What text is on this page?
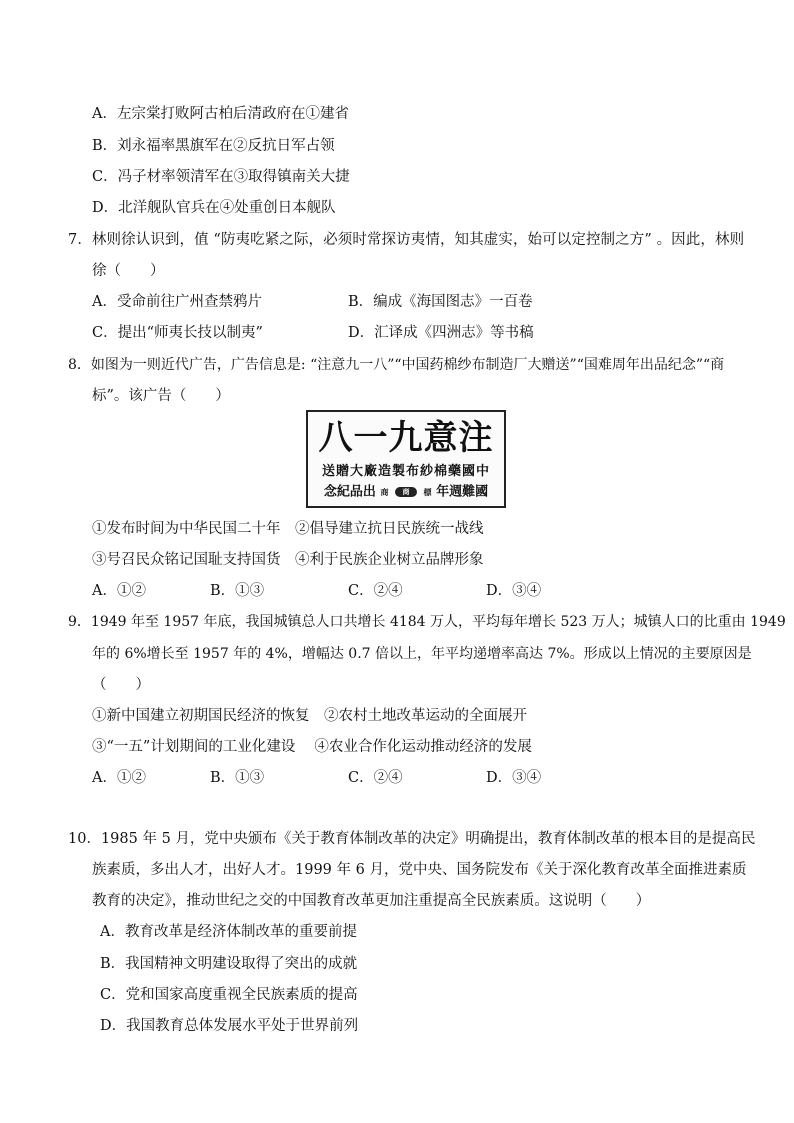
A．左宗棠打败阿古柏后清政府在①建省
B．刘永福率黑旗军在②反抗日军占领
C．冯子材率领清军在③取得镇南关大捷
D．北洋舰队官兵在④处重创日本舰队
7．林则徐认识到，值 “防夷吃紧之际，必须时常探访夷情，知其虚实，始可以定控制之方” 。因此，林则
徐（　　）
A．受命前往广州查禁鸦片	B．编成《海国图志》一百卷
C．提出“师夷长技以制夷”	D．汇译成《四洲志》等书稿
8．如图为一则近代广告，广告信息是: “注意九一八”“中国药棉纱布制造厂大赠送”“国难周年出品纪念”“商
标”。该广告（　　）
八一九意注
送贈大廠造製布紗棉藥國中
念紀品出 商 商 標 年週難國
①发布时间为中华民国二十年　②倡导建立抗日民族统一战线
③号召民众铭记国耻支持国货　④利于民族企业树立品牌形象
A．①②	B．①③	C．②④	D．③④
9．1949 年至 1957 年底，我国城镇总人口共增长 4184 万人，平均每年增长 523 万人；城镇人口的比重由 1949
年的 6%增长至 1957 年的 4%，增幅达 0.7 倍以上，年平均递增率高达 7%。形成以上情况的主要原因是
（　　）
①新中国建立初期国民经济的恢复　②农村土地改革运动的全面展开
③“一五”计划期间的工业化建设　 ④农业合作化运动推动经济的发展
A．①②	B．①③	C．②④	D．③④
10．1985 年 5 月，党中央颁布《关于教育体制改革的决定》明确提出，教育体制改革的根本目的是提高民
族素质，多出人才，出好人才。1999 年 6 月，党中央、国务院发布《关于深化教育改革全面推进素质
教育的决定》，推动世纪之交的中国教育改革更加注重提高全民族素质。这说明（　　）
A．教育改革是经济体制改革的重要前提
B．我国精神文明建设取得了突出的成就
C．党和国家高度重视全民族素质的提高
D．我国教育总体发展水平处于世界前列
